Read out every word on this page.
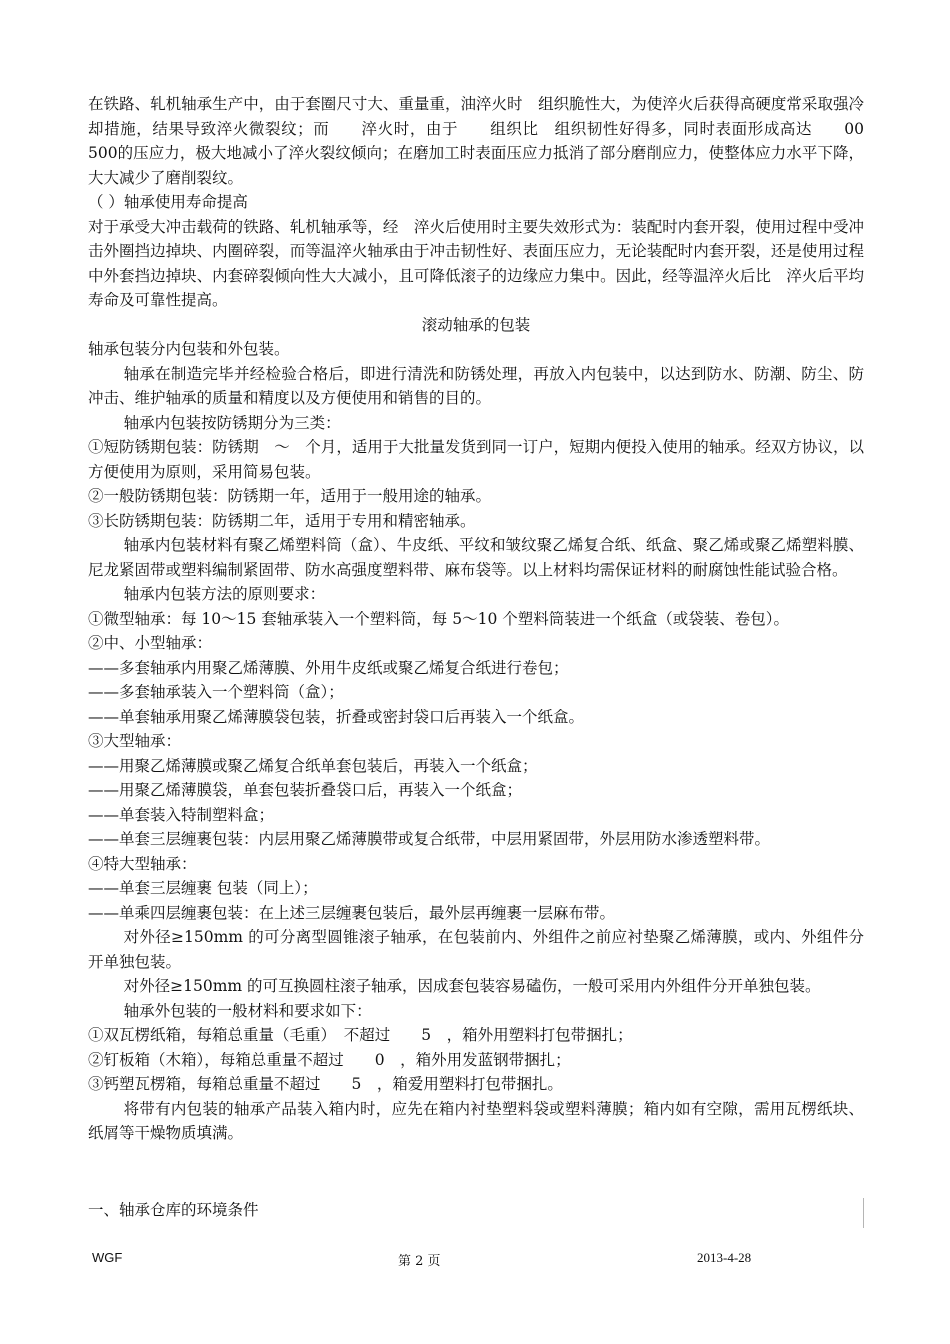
在铁路、轧机轴承生产中，由于套圈尺寸大、重量重，油淬火时　组织脆性大，为使淬火后获得高硬度常采取强冷却措施，结果导致淬火微裂纹；而　　淬火时，由于　　组织比　组织韧性好得多，同时表面形成高达　　00　　500的压应力，极大地减小了淬火裂纹倾向；在磨加工时表面压应力抵消了部分磨削应力，使整体应力水平下降，大大减少了磨削裂纹。

（ ）轴承使用寿命提高

对于承受大冲击载荷的铁路、轧机轴承等，经　淬火后使用时主要失效形式为：装配时内套开裂，使用过程中受冲击外圈挡边掉块、内圈碎裂，而等温淬火轴承由于冲击韧性好、表面压应力，无论装配时内套开裂，还是使用过程中外套挡边掉块、内套碎裂倾向性大大减小，且可降低滚子的边缘应力集中。因此，经等温淬火后比　淬火后平均寿命及可靠性提高。

滚动轴承的包装

轴承包装分内包装和外包装。

轴承在制造完毕并经检验合格后，即进行清洗和防锈处理，再放入内包装中，以达到防水、防潮、防尘、防冲击、维护轴承的质量和精度以及方便使用和销售的目的。

轴承内包装按防锈期分为三类：

①短防锈期包装：防锈期　～　个月，适用于大批量发货到同一订户，短期内便投入使用的轴承。经双方协议，以方便使用为原则，采用简易包装。

②一般防锈期包装：防锈期一年，适用于一般用途的轴承。

③长防锈期包装：防锈期二年，适用于专用和精密轴承。

轴承内包装材料有聚乙烯塑料筒（盒）、牛皮纸、平纹和皱纹聚乙烯复合纸、纸盒、聚乙烯或聚乙烯塑料膜、尼龙紧固带或塑料编制紧固带、防水高强度塑料带、麻布袋等。以上材料均需保证材料的耐腐蚀性能试验合格。

轴承内包装方法的原则要求：

①微型轴承：每 10～15 套轴承装入一个塑料筒，每 5～10 个塑料筒装进一个纸盒（或袋装、卷包）。

②中、小型轴承：

——多套轴承内用聚乙烯薄膜、外用牛皮纸或聚乙烯复合纸进行卷包；

——多套轴承装入一个塑料筒（盒）；

——单套轴承用聚乙烯薄膜袋包装，折叠或密封袋口后再装入一个纸盒。

③大型轴承：

——用聚乙烯薄膜或聚乙烯复合纸单套包装后，再装入一个纸盒；

——用聚乙烯薄膜袋，单套包装折叠袋口后，再装入一个纸盒；

——单套装入特制塑料盒；

——单套三层缠裹包装：内层用聚乙烯薄膜带或复合纸带，中层用紧固带，外层用防水渗透塑料带。

④特大型轴承：

——单套三层缠裹 包装（同上）；

——单乘四层缠裹包装：在上述三层缠裹包装后，最外层再缠裹一层麻布带。

对外径≥150mm 的可分离型圆锥滚子轴承，在包装前内、外组件之前应衬垫聚乙烯薄膜，或内、外组件分开单独包装。

对外径≥150mm 的可互换圆柱滚子轴承，因成套包装容易磕伤，一般可采用内外组件分开单独包装。

轴承外包装的一般材料和要求如下：

①双瓦楞纸箱，每箱总重量（毛重）　不超过　　5　，箱外用塑料打包带捆扎；

②钉板箱（木箱），每箱总重量不超过　　0　，箱外用发蓝钢带捆扎；

③钙塑瓦楞箱，每箱总重量不超过　　5　，箱爱用塑料打包带捆扎。

将带有内包装的轴承产品装入箱内时，应先在箱内衬垫塑料袋或塑料薄膜；箱内如有空隙，需用瓦楞纸块、纸屑等干燥物质填满。

一、轴承仓库的环境条件
WGF	第 2 页	2013-4-28
